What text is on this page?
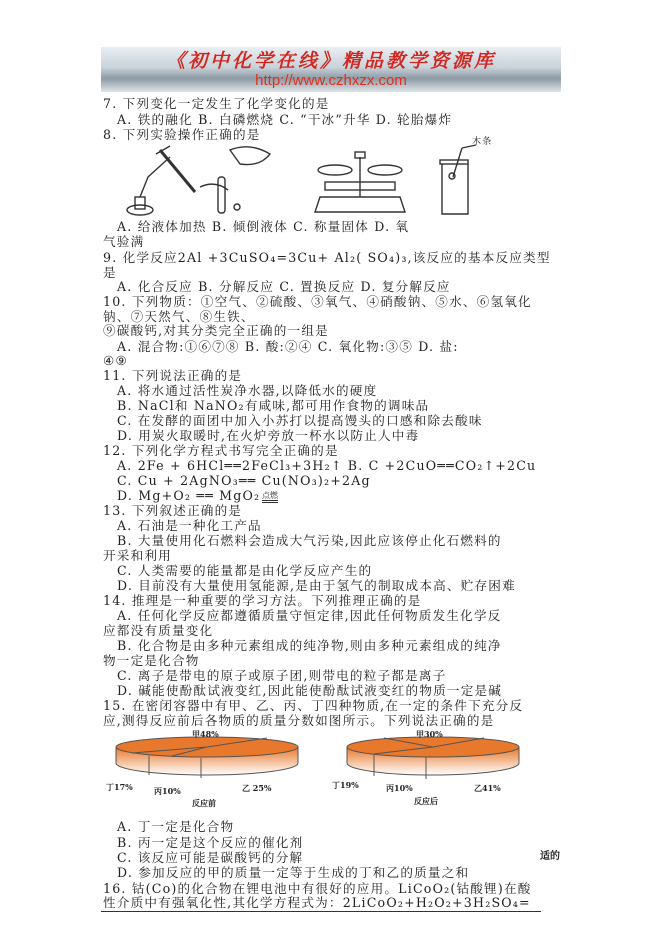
《初中化学在线》精品教学资源库
http://www.czhxzx.com
7. 下列变化一定发生了化学变化的是
A. 铁的融化 B. 白磷燃烧 C. “干冰”升华 D. 轮胎爆炸
8. 下列实验操作正确的是	木条
A. 给液体加热 B. 倾倒液体 C. 称量固体 D. 氧
气验满
9. 化学反应2Al +3CuSO₄=3Cu+ Al₂( SO₄)₃,该反应的基本反应类型
是
A. 化合反应 B. 分解反应 C. 置换反应 D. 复分解反应
10. 下列物质：①空气、②硫酸、③氧气、④硝酸钠、⑤水、⑥氢氧化
钠、⑦天然气、⑧生铁、
⑨碳酸钙,对其分类完全正确的一组是
A. 混合物:①⑥⑦⑧ B. 酸:②④ C. 氧化物:③⑤ D. 盐:
④⑨
11. 下列说法正确的是
A. 将水通过活性炭净水器,以降低水的硬度
B. NaCl和 NaNO₂有咸味,都可用作食物的调味品
C. 在发酵的面团中加入小苏打以提高馒头的口感和除去酸味
D. 用炭火取暖时,在火炉旁放一杯水以防止人中毒
12. 下列化学方程式书写完全正确的是
A. 2Fe + 6HCl══2FeCl₃+3H₂↑ B. C +2CuO══CO₂↑+2Cu
C. Cu + 2AgNO₃══ Cu(NO₃)₂+2Ag
D. Mg+O₂ ══ MgO₂ 点燃
13. 下列叙述正确的是
A. 石油是一种化工产品
B. 大量使用化石燃料会造成大气污染,因此应该停止化石燃料的
开采和利用
C. 人类需要的能量都是由化学反应产生的
D. 目前没有大量使用氢能源,是由于氢气的制取成本高、贮存困难
14. 推理是一种重要的学习方法。下列推理正确的是
A. 任何化学反应都遵循质量守恒定律,因此任何物质发生化学反
应都没有质量变化
B. 化合物是由多种元素组成的纯净物,则由多种元素组成的纯净
物一定是化合物
C. 离子是带电的原子或原子团,则带电的粒子都是离子
D. 碱能使酚酞试液变红,因此能使酚酞试液变红的物质一定是碱
15. 在密闭容器中有甲、乙、丙、丁四种物质,在一定的条件下充分反
应,测得反应前后各物质的质量分数如图所示。下列说法正确的是
甲48%
乙 25%
丙10%
丁17%
反应前
甲30%
乙41%
丙10%
丁19%
反应后
A. 丁一定是化合物
B. 丙一定是这个反应的催化剂
C. 该反应可能是碳酸钙的分解
D. 参加反应的甲的质量一定等于生成的丁和乙的质量之和
适的
16. 钴(Co)的化合物在锂电池中有很好的应用。LiCoO₂(钴酸锂)在酸
性介质中有强氧化性,其化学方程式为：2LiCoO₂+H₂O₂+3H₂SO₄=
